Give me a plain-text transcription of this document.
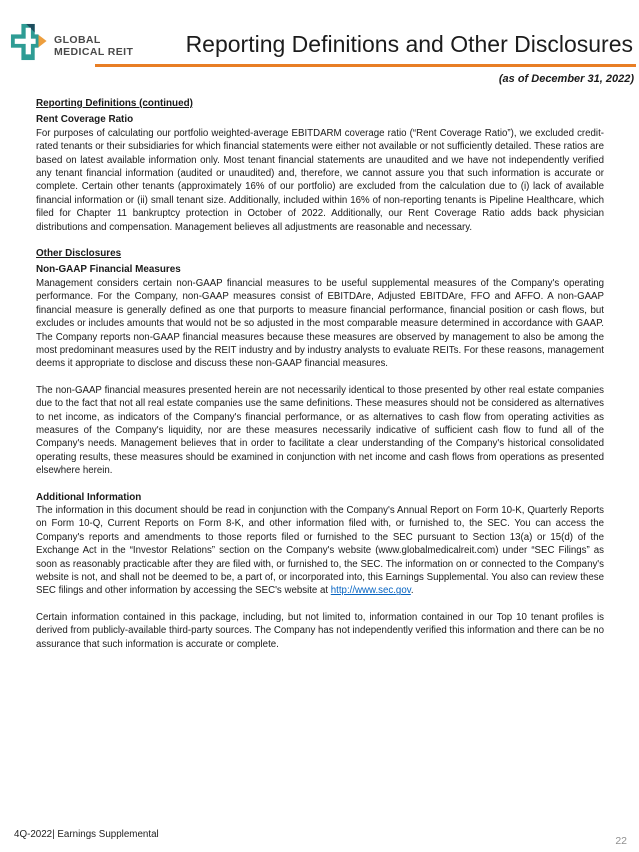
GLOBAL
MEDICAL REIT	Reporting Definitions and Other Disclosures
(as of December 31, 2022)
Reporting Definitions (continued)
Rent Coverage Ratio

For purposes of calculating our portfolio weighted-average EBITDARM coverage ratio (“Rent Coverage Ratio”), we excluded credit-rated tenants or their subsidiaries for which financial statements were either not available or not sufficiently detailed. These ratios are based on latest available information only. Most tenant financial statements are unaudited and we have not independently verified any tenant financial information (audited or unaudited) and, therefore, we cannot assure you that such information is accurate or complete. Certain other tenants (approximately 16% of our portfolio) are excluded from the calculation due to (i) lack of available financial information or (ii) small tenant size. Additionally, included within 16% of non-reporting tenants is Pipeline Healthcare, which filed for Chapter 11 bankruptcy protection in October of 2022. Additionally, our Rent Coverage Ratio adds back physician distributions and compensation. Management believes all adjustments are reasonable and necessary.

Other Disclosures
Non-GAAP Financial Measures

Management considers certain non-GAAP financial measures to be useful supplemental measures of the Company's operating performance. For the Company, non-GAAP measures consist of EBITDAre, Adjusted EBITDAre, FFO and AFFO. A non-GAAP financial measure is generally defined as one that purports to measure financial performance, financial position or cash flows, but excludes or includes amounts that would not be so adjusted in the most comparable measure determined in accordance with GAAP. The Company reports non-GAAP financial measures because these measures are observed by management to also be among the most predominant measures used by the REIT industry and by industry analysts to evaluate REITs. For these reasons, management deems it appropriate to disclose and discuss these non-GAAP financial measures.

The non-GAAP financial measures presented herein are not necessarily identical to those presented by other real estate companies due to the fact that not all real estate companies use the same definitions. These measures should not be considered as alternatives to net income, as indicators of the Company's financial performance, or as alternatives to cash flow from operating activities as measures of the Company's liquidity, nor are these measures necessarily indicative of sufficient cash flow to fund all of the Company's needs. Management believes that in order to facilitate a clear understanding of the Company's historical consolidated operating results, these measures should be examined in conjunction with net income and cash flows from operations as presented elsewhere herein.

Additional Information

The information in this document should be read in conjunction with the Company's Annual Report on Form 10-K, Quarterly Reports on Form 10-Q, Current Reports on Form 8-K, and other information filed with, or furnished to, the SEC. You can access the Company's reports and amendments to those reports filed or furnished to the SEC pursuant to Section 13(a) or 15(d) of the Exchange Act in the “Investor Relations” section on the Company's website (www.globalmedicalreit.com) under “SEC Filings” as soon as reasonably practicable after they are filed with, or furnished to, the SEC. The information on or connected to the Company's website is not, and shall not be deemed to be, a part of, or incorporated into, this Earnings Supplemental. You also can review these SEC filings and other information by accessing the SEC's website at http://www.sec.gov.

Certain information contained in this package, including, but not limited to, information contained in our Top 10 tenant profiles is derived from publicly-available third-party sources. The Company has not independently verified this information and there can be no assurance that such information is accurate or complete.

4Q-2022| Earnings Supplemental
22
